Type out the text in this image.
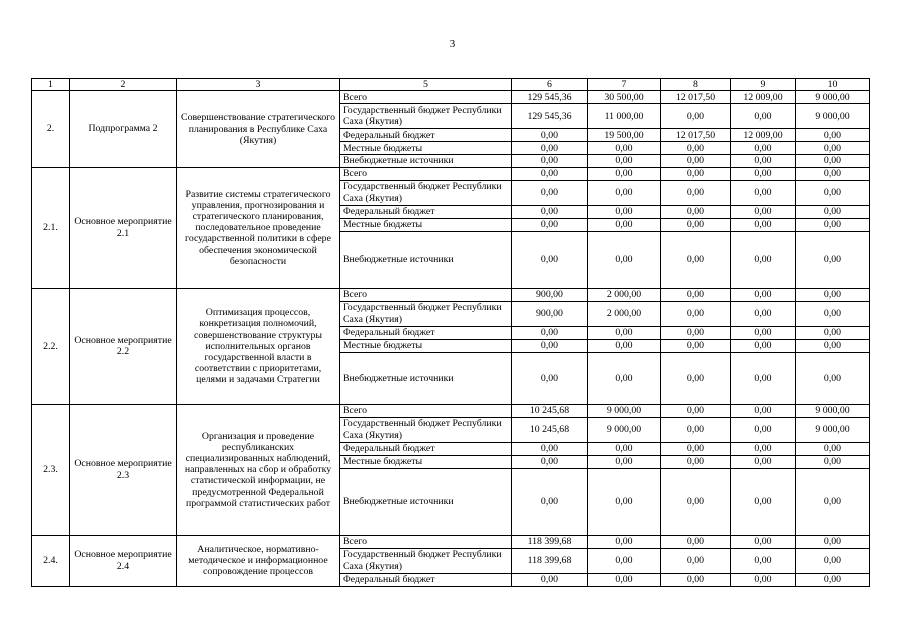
3
1	2	3	5	6	7	8	9	10
2.	Подпрограмма 2	Совершенствование стратегического планирования в Республике Саха (Якутия)	Всего	129 545,36	30 500,00	12 017,50	12 009,00	9 000,00
			Государственный бюджет Республики Саха (Якутия)	129 545,36	11 000,00	0,00	0,00	9 000,00
			Федеральный бюджет	0,00	19 500,00	12 017,50	12 009,00	0,00
			Местные бюджеты	0,00	0,00	0,00	0,00	0,00
			Внебюджетные источники	0,00	0,00	0,00	0,00	0,00
2.1.	Основное мероприятие 2.1	Развитие системы стратегического управления, прогнозирования и стратегического планирования, последовательное проведение государственной политики в сфере обеспечения экономической безопасности	Всего	0,00	0,00	0,00	0,00	0,00
			Государственный бюджет Республики Саха (Якутия)	0,00	0,00	0,00	0,00	0,00
			Федеральный бюджет	0,00	0,00	0,00	0,00	0,00
			Местные бюджеты	0,00	0,00	0,00	0,00	0,00
			Внебюджетные источники	0,00	0,00	0,00	0,00	0,00
2.2.	Основное мероприятие 2.2	Оптимизация процессов, конкретизация полномочий, совершенствование структуры исполнительных органов государственной власти в соответствии с приоритетами, целями и задачами Стратегии	Всего	900,00	2 000,00	0,00	0,00	0,00
			Государственный бюджет Республики Саха (Якутия)	900,00	2 000,00	0,00	0,00	0,00
			Федеральный бюджет	0,00	0,00	0,00	0,00	0,00
			Местные бюджеты	0,00	0,00	0,00	0,00	0,00
			Внебюджетные источники	0,00	0,00	0,00	0,00	0,00
2.3.	Основное мероприятие 2.3	Организация и проведение республиканских специализированных наблюдений, направленных на сбор и обработку статистической информации, не предусмотренной Федеральной программой статистических работ	Всего	10 245,68	9 000,00	0,00	0,00	9 000,00
			Государственный бюджет Республики Саха (Якутия)	10 245,68	9 000,00	0,00	0,00	9 000,00
			Федеральный бюджет	0,00	0,00	0,00	0,00	0,00
			Местные бюджеты	0,00	0,00	0,00	0,00	0,00
			Внебюджетные источники	0,00	0,00	0,00	0,00	0,00
2.4.	Основное мероприятие 2.4	Аналитическое, нормативно-методическое и информационное сопровождение процессов	Всего	118 399,68	0,00	0,00	0,00	0,00
			Государственный бюджет Республики Саха (Якутия)	118 399,68	0,00	0,00	0,00	0,00
			Федеральный бюджет	0,00	0,00	0,00	0,00	0,00
